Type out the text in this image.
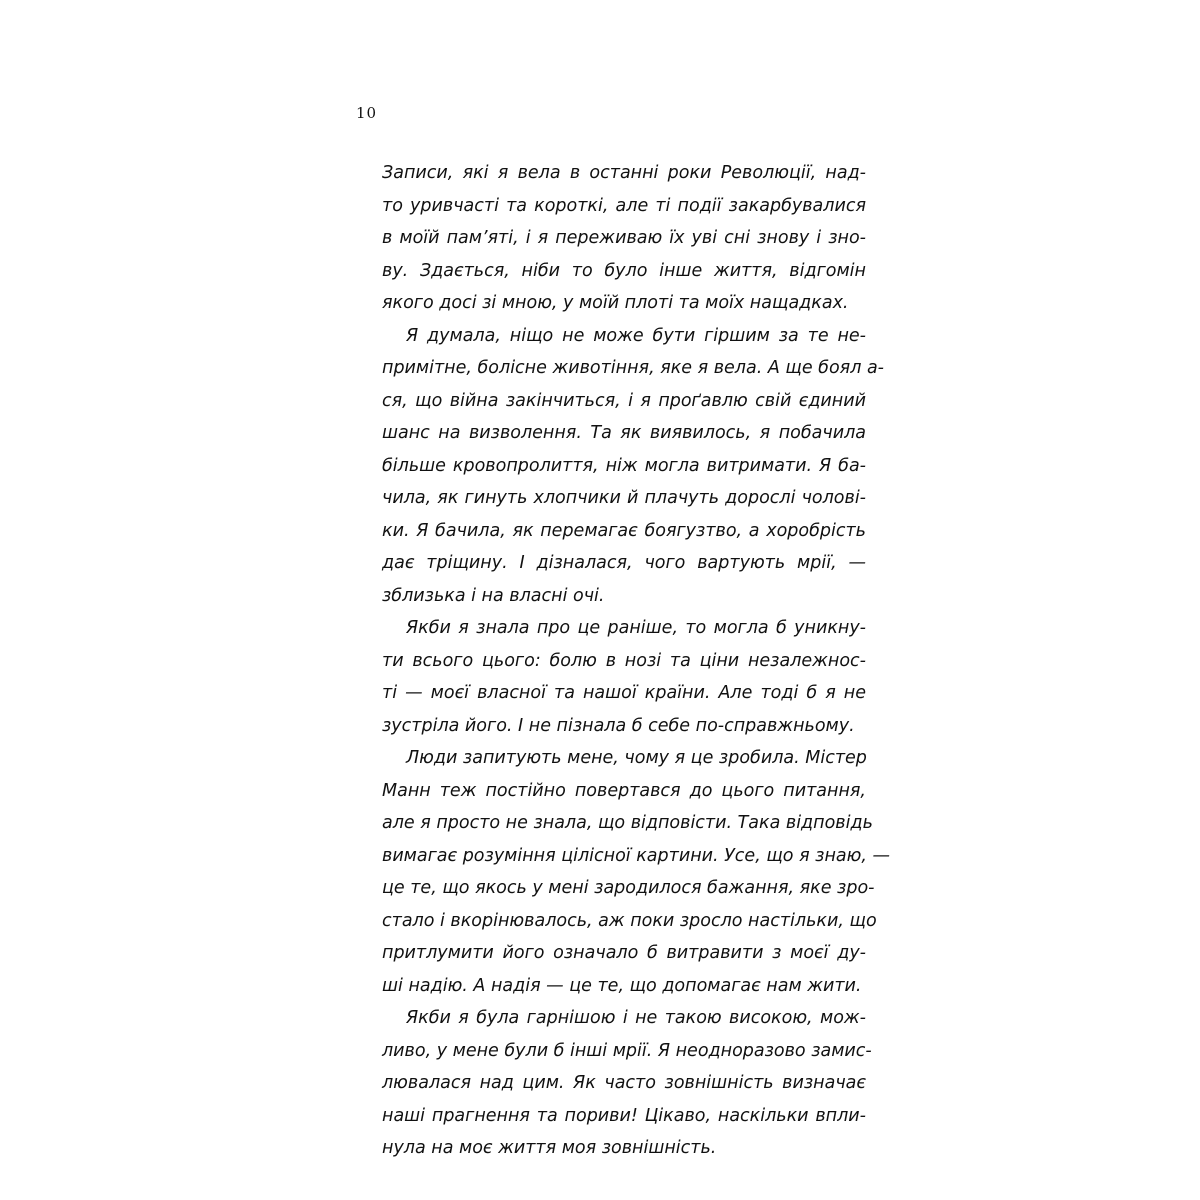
10
Записи, які я вела в останні роки Революції, над-
то уривчасті та короткі, але ті події закарбувалися
в моїй пам’яті, і я переживаю їх уві сні знову і зно-
ву. Здається, ніби то було інше життя, відгомін
якого досі зі мною, у моїй плоті та моїх нащадках.
Я думала, ніщо не може бути гіршим за те не-
примітне, болісне животіння, яке я вела. А ще боял а-
ся, що війна закінчиться, і я проґавлю свій єдиний
шанс на визволення. Та як виявилось, я побачила
більше кровопролиття, ніж могла витримати. Я ба-
чила, як гинуть хлопчики й плачуть дорослі чолові-
ки. Я бачила, як перемагає боягузтво, а хоробрість
дає тріщину. І дізналася, чого вартують мрії, —
зблизька і на власні очі.
Якби я знала про це раніше, то могла б уникну-
ти всього цього: болю в нозі та ціни незалежнос-
ті — моєї власної та нашої країни. Але тоді б я не
зустріла його. І не пізнала б себе по-справжньому.
Люди запитують мене, чому я це зробила. Містер
Манн теж постійно повертався до цього питання,
але я просто не знала, що відповісти. Така відповідь
вимагає розуміння цілісної картини. Усе, що я знаю, —
це те, що якось у мені зародилося бажання, яке зро-
стало і вкорінювалось, аж поки зросло настільки, що
притлумити його означало б витравити з моєї ду-
ші надію. А надія — це те, що допомагає нам жити.
Якби я була гарнішою і не такою високою, мож-
ливо, у мене були б інші мрії. Я неодноразово замис-
лювалася над цим. Як часто зовнішність визначає
наші прагнення та пориви! Цікаво, наскільки впли-
нула на моє життя моя зовнішність.
